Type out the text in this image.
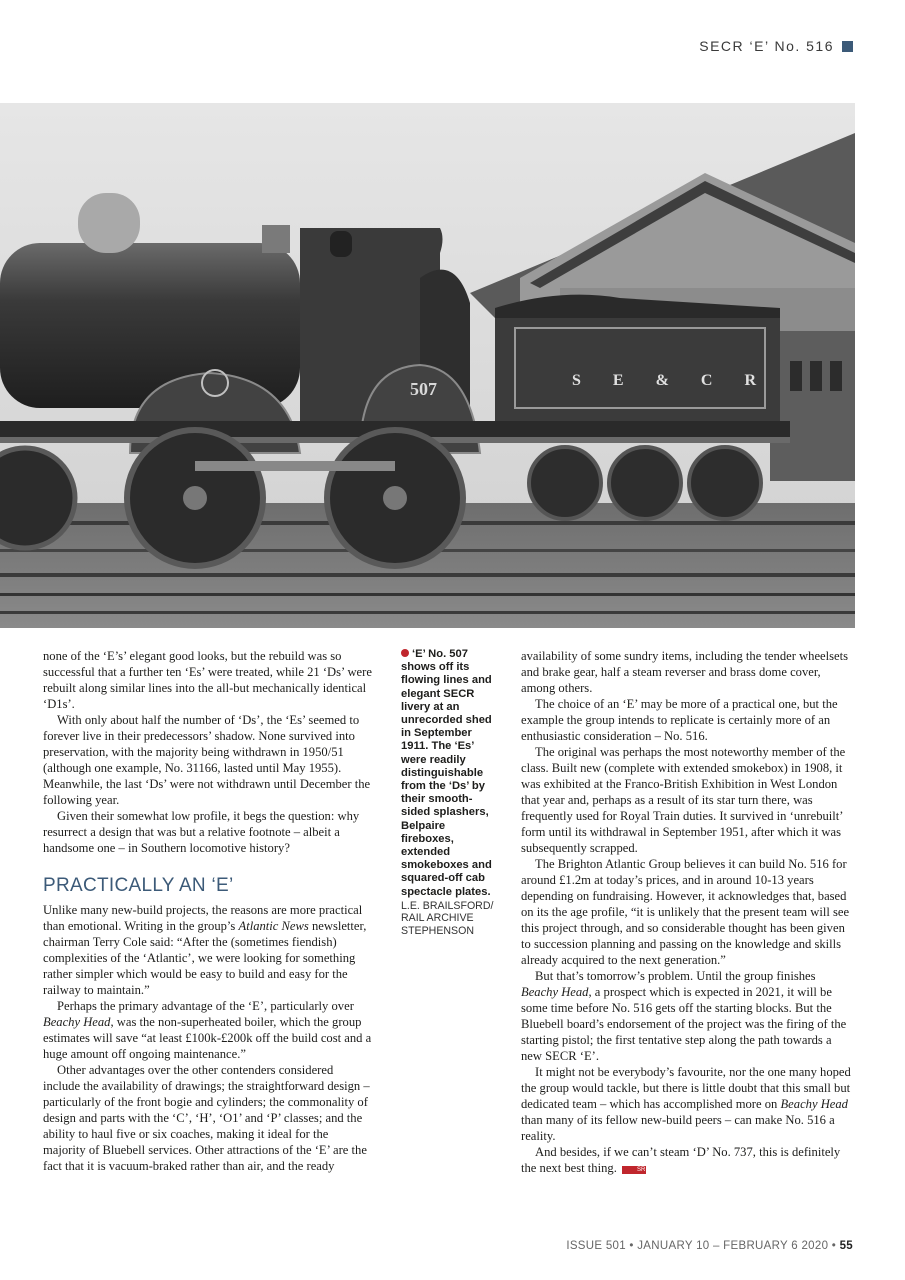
SECR ‘E’ No. 516
507	S E & C R

none of the ‘E’s’ elegant good looks, but the rebuild was so successful that a further ten ‘Es’ were treated, while 21 ‘Ds’ were rebuilt along similar lines into the all-but mechanically identical ‘D1s’.

With only about half the number of ‘Ds’, the ‘Es’ seemed to forever live in their predecessors’ shadow. None survived into preservation, with the majority being withdrawn in 1950/51 (although one example, No. 31166, lasted until May 1955). Meanwhile, the last ‘Ds’ were not withdrawn until December the following year.

Given their somewhat low profile, it begs the question: why resurrect a design that was but a relative footnote – albeit a handsome one – in Southern locomotive history?

PRACTICALLY AN ‘E’

Unlike many new-build projects, the reasons are more practical than emotional. Writing in the group’s Atlantic News newsletter, chairman Terry Cole said: “After the (sometimes fiendish) complexities of the ‘Atlantic’, we were looking for something rather simpler which would be easy to build and easy for the railway to maintain.”

Perhaps the primary advantage of the ‘E’, particularly over Beachy Head, was the non-superheated boiler, which the group estimates will save “at least £100k-£200k off the build cost and a huge amount off ongoing maintenance.”

Other advantages over the other contenders considered include the availability of drawings; the straightforward design – particularly of the front bogie and cylinders; the commonality of design and parts with the ‘C’, ‘H’, ‘O1’ and ‘P’ classes; and the ability to haul five or six coaches, making it ideal for the majority of Bluebell services. Other attractions of the ‘E’ are the fact that it is vacuum-braked rather than air, and the ready

‘E’ No. 507 shows off its flowing lines and elegant SECR livery at an unrecorded shed in September 1911. The ‘Es’ were readily distinguishable from the ‘Ds’ by their smooth-sided splashers, Belpaire fireboxes, extended smokeboxes and squared-off cab spectacle plates.
L.E. BRAILSFORD/ RAIL ARCHIVE STEPHENSON

availability of some sundry items, including the tender wheelsets and brake gear, half a steam reverser and brass dome cover, among others.

The choice of an ‘E’ may be more of a practical one, but the example the group intends to replicate is certainly more of an enthusiastic consideration – No. 516.

The original was perhaps the most noteworthy member of the class. Built new (complete with extended smokebox) in 1908, it was exhibited at the Franco-British Exhibition in West London that year and, perhaps as a result of its star turn there, was frequently used for Royal Train duties. It survived in ‘unrebuilt’ form until its withdrawal in September 1951, after which it was subsequently scrapped.

The Brighton Atlantic Group believes it can build No. 516 for around £1.2m at today’s prices, and in around 10-13 years depending on fundraising. However, it acknowledges that, based on its the age profile, “it is unlikely that the present team will see this project through, and so considerable thought has been given to succession planning and passing on the knowledge and skills already acquired to the next generation.”

But that’s tomorrow’s problem. Until the group finishes Beachy Head, a prospect which is expected in 2021, it will be some time before No. 516 gets off the starting blocks. But the Bluebell board’s endorsement of the project was the firing of the starting pistol; the first tentative step along the path towards a new SECR ‘E’.

It might not be everybody’s favourite, nor the one many hoped the group would tackle, but there is little doubt that this small but dedicated team – which has accomplished more on Beachy Head than many of its fellow new-build peers – can make No. 516 a reality.

And besides, if we can’t steam ‘D’ No. 737, this is definitely the next best thing.	SR

ISSUE 501 • JANUARY 10 – FEBRUARY 6 2020 • 55
